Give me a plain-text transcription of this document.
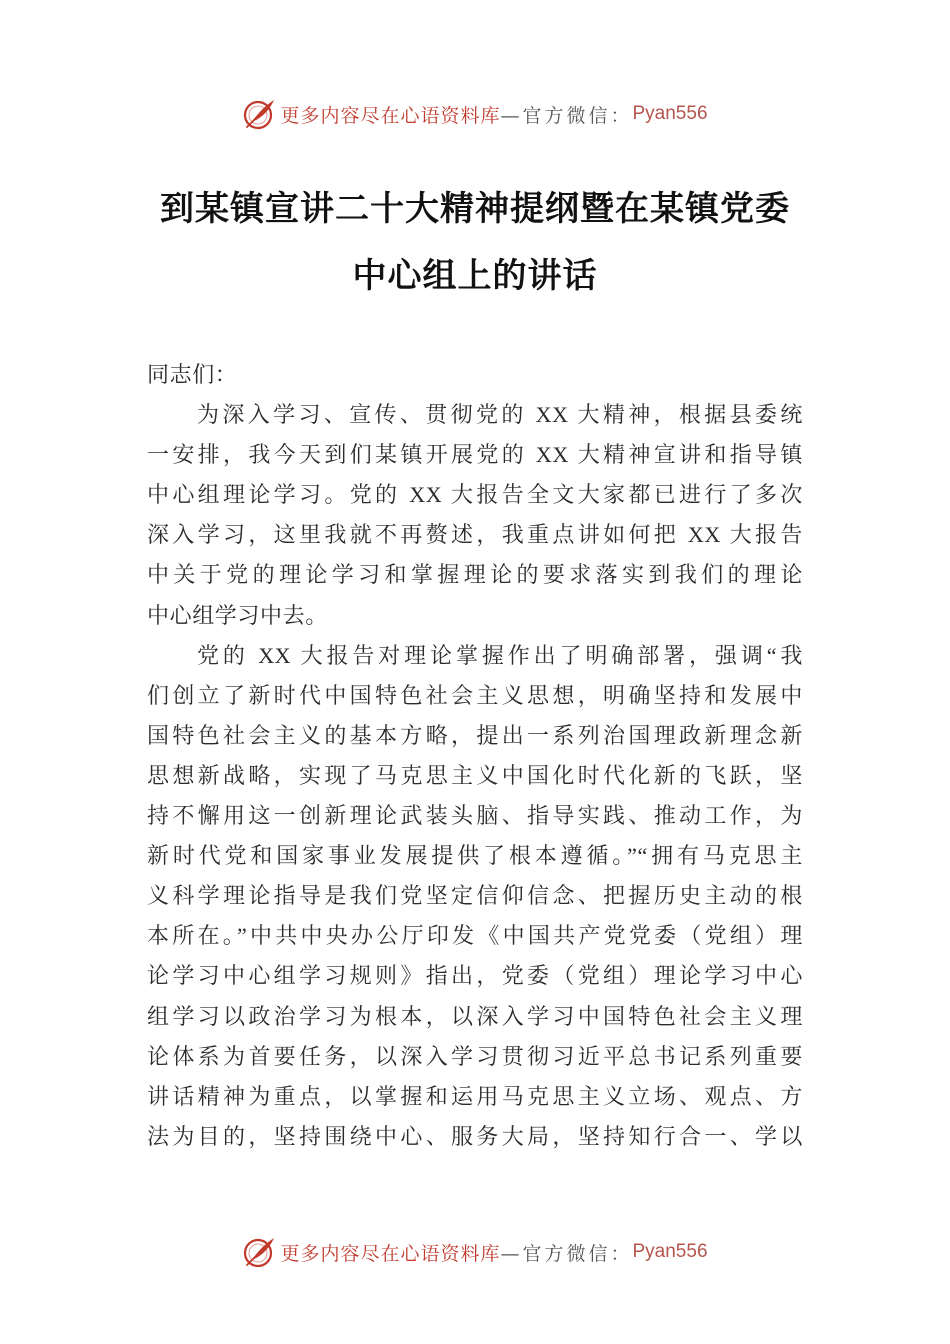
更多内容尽在心语资料库 —官方微信： Pyan556
到某镇宣讲二十大精神提纲暨在某镇党委
中心组上的讲话
同志们：
为深入学习、宣传、贯彻党的 XX 大精神，根据县委统
一安排，我今天到们某镇开展党的 XX 大精神宣讲和指导镇
中心组理论学习。党的 XX 大报告全文大家都已进行了多次
深入学习，这里我就不再赘述，我重点讲如何把 XX 大报告
中关于党的理论学习和掌握理论的要求落实到我们的理论
中心组学习中去。
党的 XX 大报告对理论掌握作出了明确部署，强调“我
们创立了新时代中国特色社会主义思想，明确坚持和发展中
国特色社会主义的基本方略，提出一系列治国理政新理念新
思想新战略，实现了马克思主义中国化时代化新的飞跃，坚
持不懈用这一创新理论武装头脑、指导实践、推动工作，为
新时代党和国家事业发展提供了根本遵循。”“拥有马克思主
义科学理论指导是我们党坚定信仰信念、把握历史主动的根
本所在。”中共中央办公厅印发《中国共产党党委（党组）理
论学习中心组学习规则》指出，党委（党组）理论学习中心
组学习以政治学习为根本，以深入学习中国特色社会主义理
论体系为首要任务，以深入学习贯彻习近平总书记系列重要
讲话精神为重点，以掌握和运用马克思主义立场、观点、方
法为目的，坚持围绕中心、服务大局，坚持知行合一、学以
更多内容尽在心语资料库 —官方微信： Pyan556
